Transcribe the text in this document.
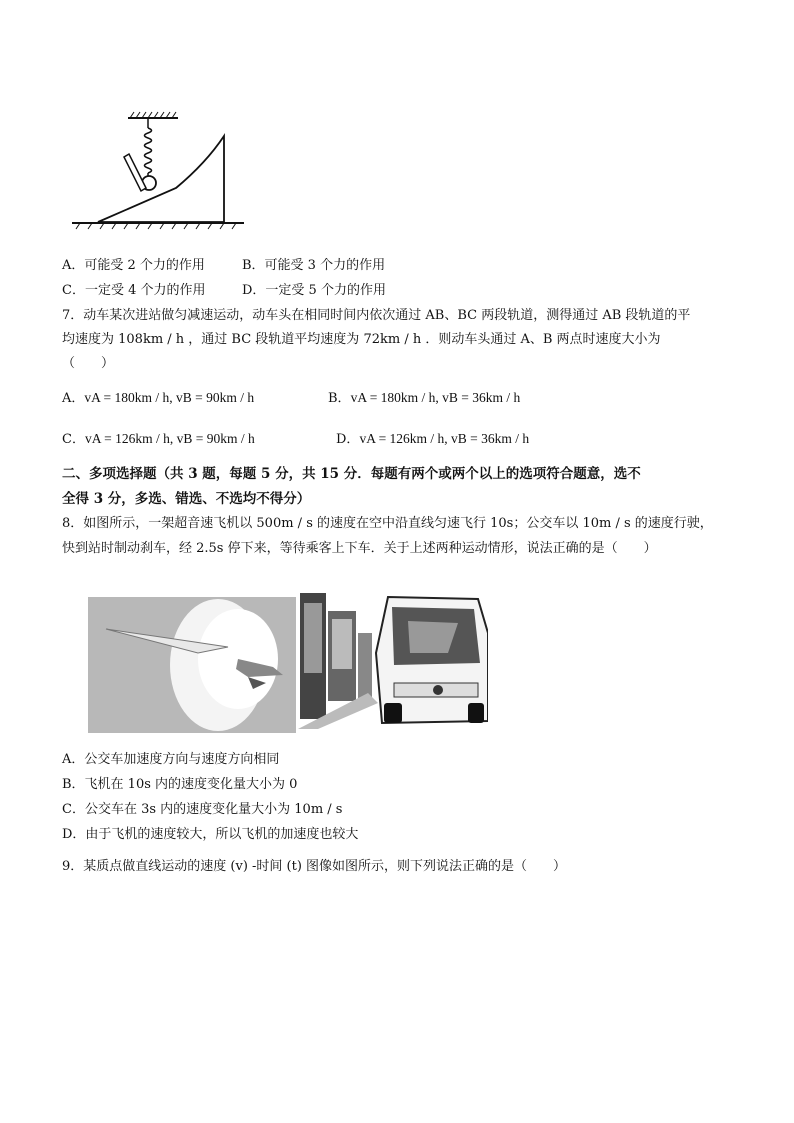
A．可能受 2 个力的作用	B．可能受 3 个力的作用
C．一定受 4 个力的作用	D．一定受 5 个力的作用
7．动车某次进站做匀减速运动，动车头在相同时间内依次通过 AB、BC 两段轨道，测得通过 AB 段轨道的平
均速度为 108km / h ，通过 BC 段轨道平均速度为 72km / h ．则动车头通过 A、B 两点时速度大小为
（　　）
A．vA = 180km / h, vB = 90km / h	B．vA = 180km / h, vB = 36km / h
C．vA = 126km / h, vB = 90km / h	D．vA = 126km / h, vB = 36km / h
二、多项选择题（共 3 题，每题 5 分，共 15 分．每题有两个或两个以上的选项符合题意，选不
全得 3 分，多选、错选、不选均不得分）
8．如图所示，一架超音速飞机以 500m / s 的速度在空中沿直线匀速飞行 10s；公交车以 10m / s 的速度行驶，
快到站时制动刹车，经 2.5s 停下来，等待乘客上下车．关于上述两种运动情形，说法正确的是（　　）
A．公交车加速度方向与速度方向相同
B．飞机在 10s 内的速度变化量大小为 0
C．公交车在 3s 内的速度变化量大小为 10m / s
D．由于飞机的速度较大，所以飞机的加速度也较大
9．某质点做直线运动的速度 (v) -时间 (t) 图像如图所示，则下列说法正确的是（　　）
